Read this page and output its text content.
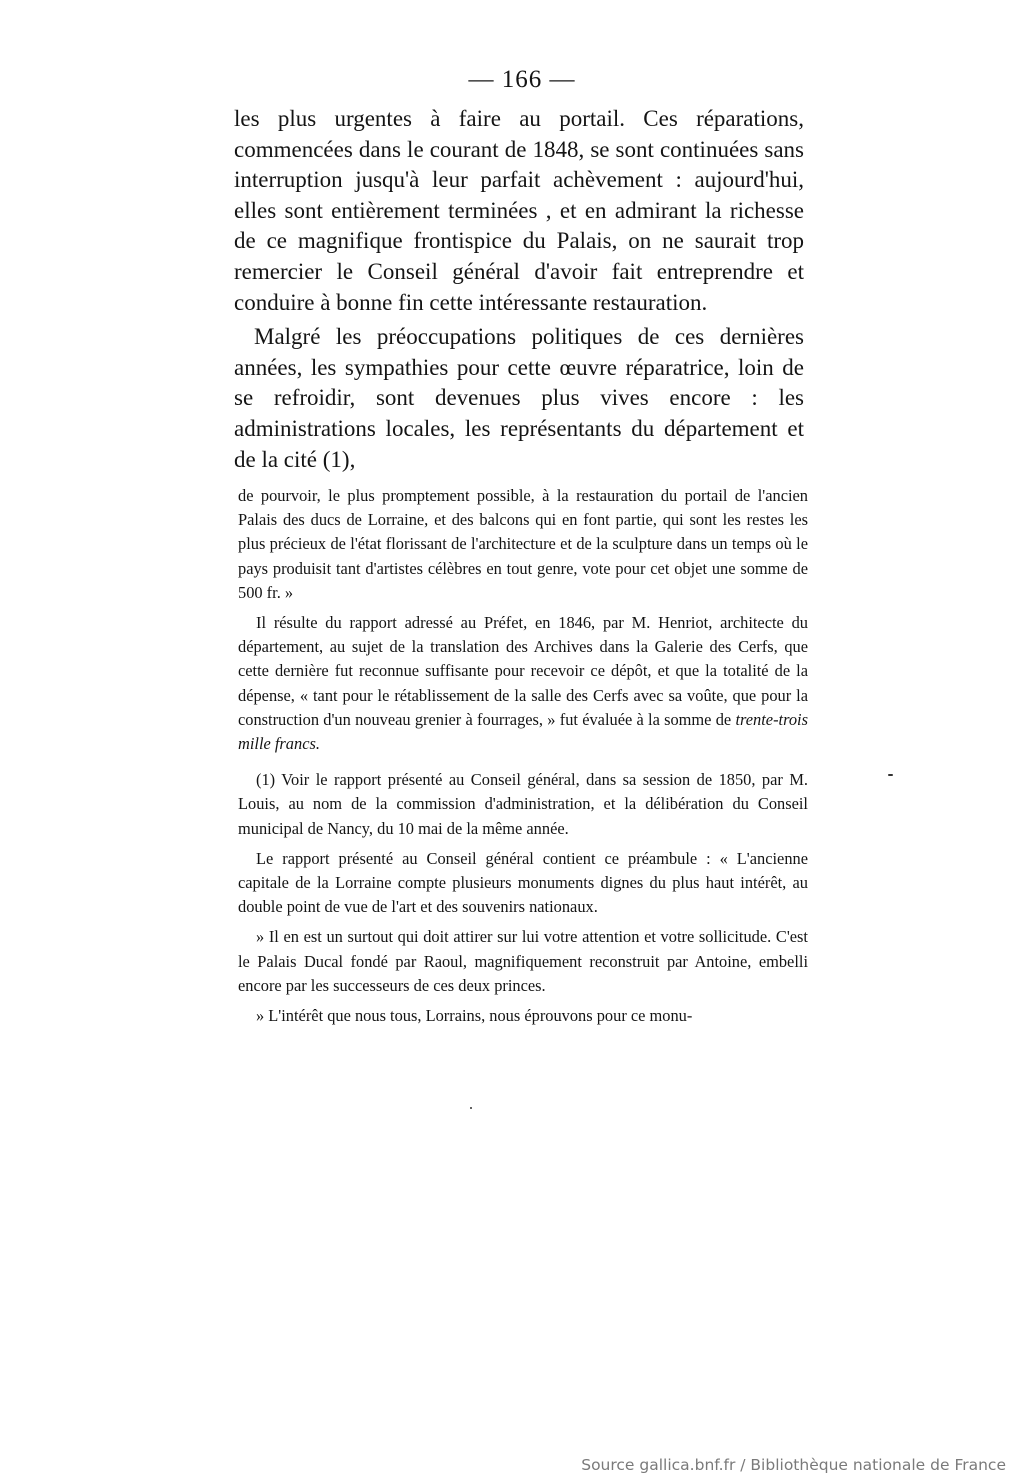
— 166 —

les plus urgentes à faire au portail. Ces réparations, commencées dans le courant de 1848, se sont continuées sans interruption jusqu'à leur parfait achèvement : aujourd'hui, elles sont entièrement terminées , et en admirant la richesse de ce magnifique frontispice du Palais, on ne saurait trop remercier le Conseil général d'avoir fait entreprendre et conduire à bonne fin cette intéressante restauration.

Malgré les préoccupations politiques de ces dernières années, les sympathies pour cette œuvre réparatrice, loin de se refroidir, sont devenues plus vives encore : les administrations locales, les représentants du département et de la cité (1),

de pourvoir, le plus promptement possible, à la restauration du portail de l'ancien Palais des ducs de Lorraine, et des balcons qui en font partie, qui sont les restes les plus précieux de l'état florissant de l'architecture et de la sculpture dans un temps où le pays produisit tant d'artistes célèbres en tout genre, vote pour cet objet une somme de 500 fr. »

Il résulte du rapport adressé au Préfet, en 1846, par M. Henriot, architecte du département, au sujet de la translation des Archives dans la Galerie des Cerfs, que cette dernière fut reconnue suffisante pour recevoir ce dépôt, et que la totalité de la dépense, « tant pour le rétablissement de la salle des Cerfs avec sa voûte, que pour la construction d'un nouveau grenier à fourrages, » fut évaluée à la somme de trente-trois mille francs.

(1) Voir le rapport présenté au Conseil général, dans sa session de 1850, par M. Louis, au nom de la commission d'administration, et la délibération du Conseil municipal de Nancy, du 10 mai de la même année.

Le rapport présenté au Conseil général contient ce préambule : « L'ancienne capitale de la Lorraine compte plusieurs monuments dignes du plus haut intérêt, au double point de vue de l'art et des souvenirs nationaux.

» Il en est un surtout qui doit attirer sur lui votre attention et votre sollicitude. C'est le Palais Ducal fondé par Raoul, magnifiquement reconstruit par Antoine, embelli encore par les successeurs de ces deux princes.

» L'intérêt que nous tous, Lorrains, nous éprouvons pour ce monu-

Source gallica.bnf.fr / Bibliothèque nationale de France
